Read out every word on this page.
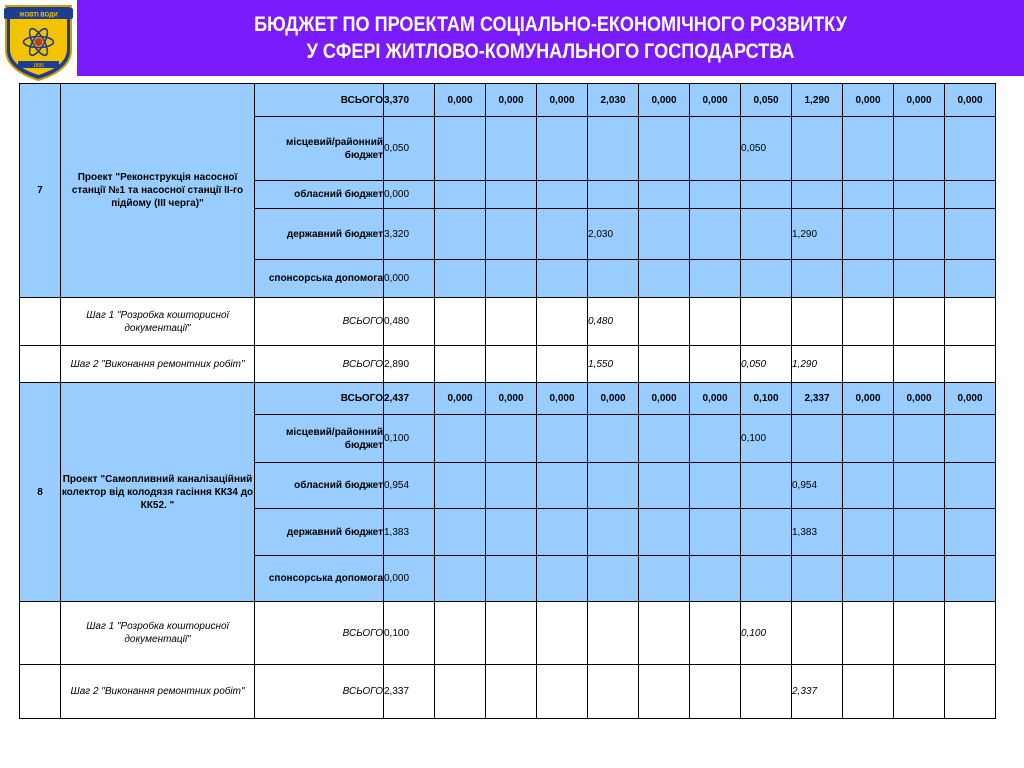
БЮДЖЕТ ПО ПРОЕКТАМ СОЦІАЛЬНО-ЕКОНОМІЧНОГО РОЗВИТКУ
У СФЕРІ ЖИТЛОВО-КОМУНАЛЬНОГО ГОСПОДАРСТВА
ЖОВТІ ВОДИ
1895
7	Проект "Реконструкція насосної станції №1 та насосної станції ІІ-го підйому (ІІІ черга)"	ВСЬОГО	3,370	0,000	0,000	0,000	2,030	0,000	0,000	0,050	1,290	0,000	0,000	0,000
		місцевий/районний бюджет	0,050							0,050				
		обласний бюджет	0,000											
		державний бюджет	3,320				2,030				1,290			
		спонсорська допомога	0,000											
	Шаг 1 "Розробка кошторисної документації"	ВСЬОГО	0,480				0,480							
	Шаг 2 "Виконання ремонтних робіт"	ВСЬОГО	2,890				1,550			0,050	1,290			
8	Проект "Самопливний каналізаційний колектор від колодязя гасіння КК34 до КК52. "	ВСЬОГО	2,437	0,000	0,000	0,000	0,000	0,000	0,000	0,100	2,337	0,000	0,000	0,000
		місцевий/районний бюджет	0,100							0,100				
		обласний бюджет	0,954								0,954			
		державний бюджет	1,383								1,383			
		спонсорська допомога	0,000											
	Шаг 1 "Розробка кошторисної документації"	ВСЬОГО	0,100							0,100				
	Шаг 2 "Виконання ремонтних робіт"	ВСЬОГО	2,337								2,337			
